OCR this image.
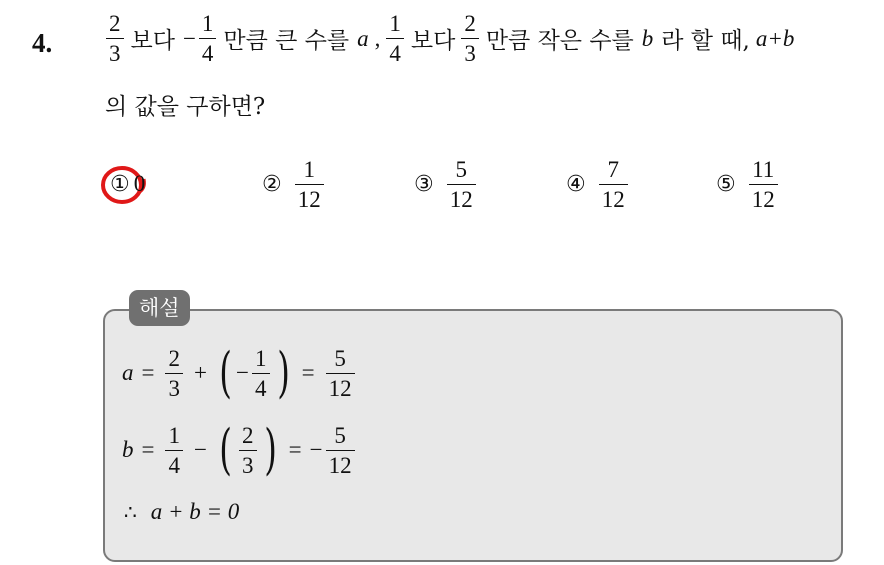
4. $\frac{2}{3}$ 보다 − $\frac{1}{4}$ 만큼 큰 수를 a , $\frac{1}{4}$ 보다 $\frac{2}{3}$ 만큼 작은 수를 b 라 할 때, a+b
의 값을 구하면?
① 0	② $\frac{1}{12}$	③ $\frac{5}{12}$	④ $\frac{7}{12}$	⑤ $\frac{11}{12}$
해설
$a = \frac{2}{3}$ + ( − $\frac{1}{4}$ ) = $\frac{5}{12}$
$b = \frac{1}{4}$ − ( $\frac{2}{3}$ ) = − $\frac{5}{12}$
∴ a + b = 0
